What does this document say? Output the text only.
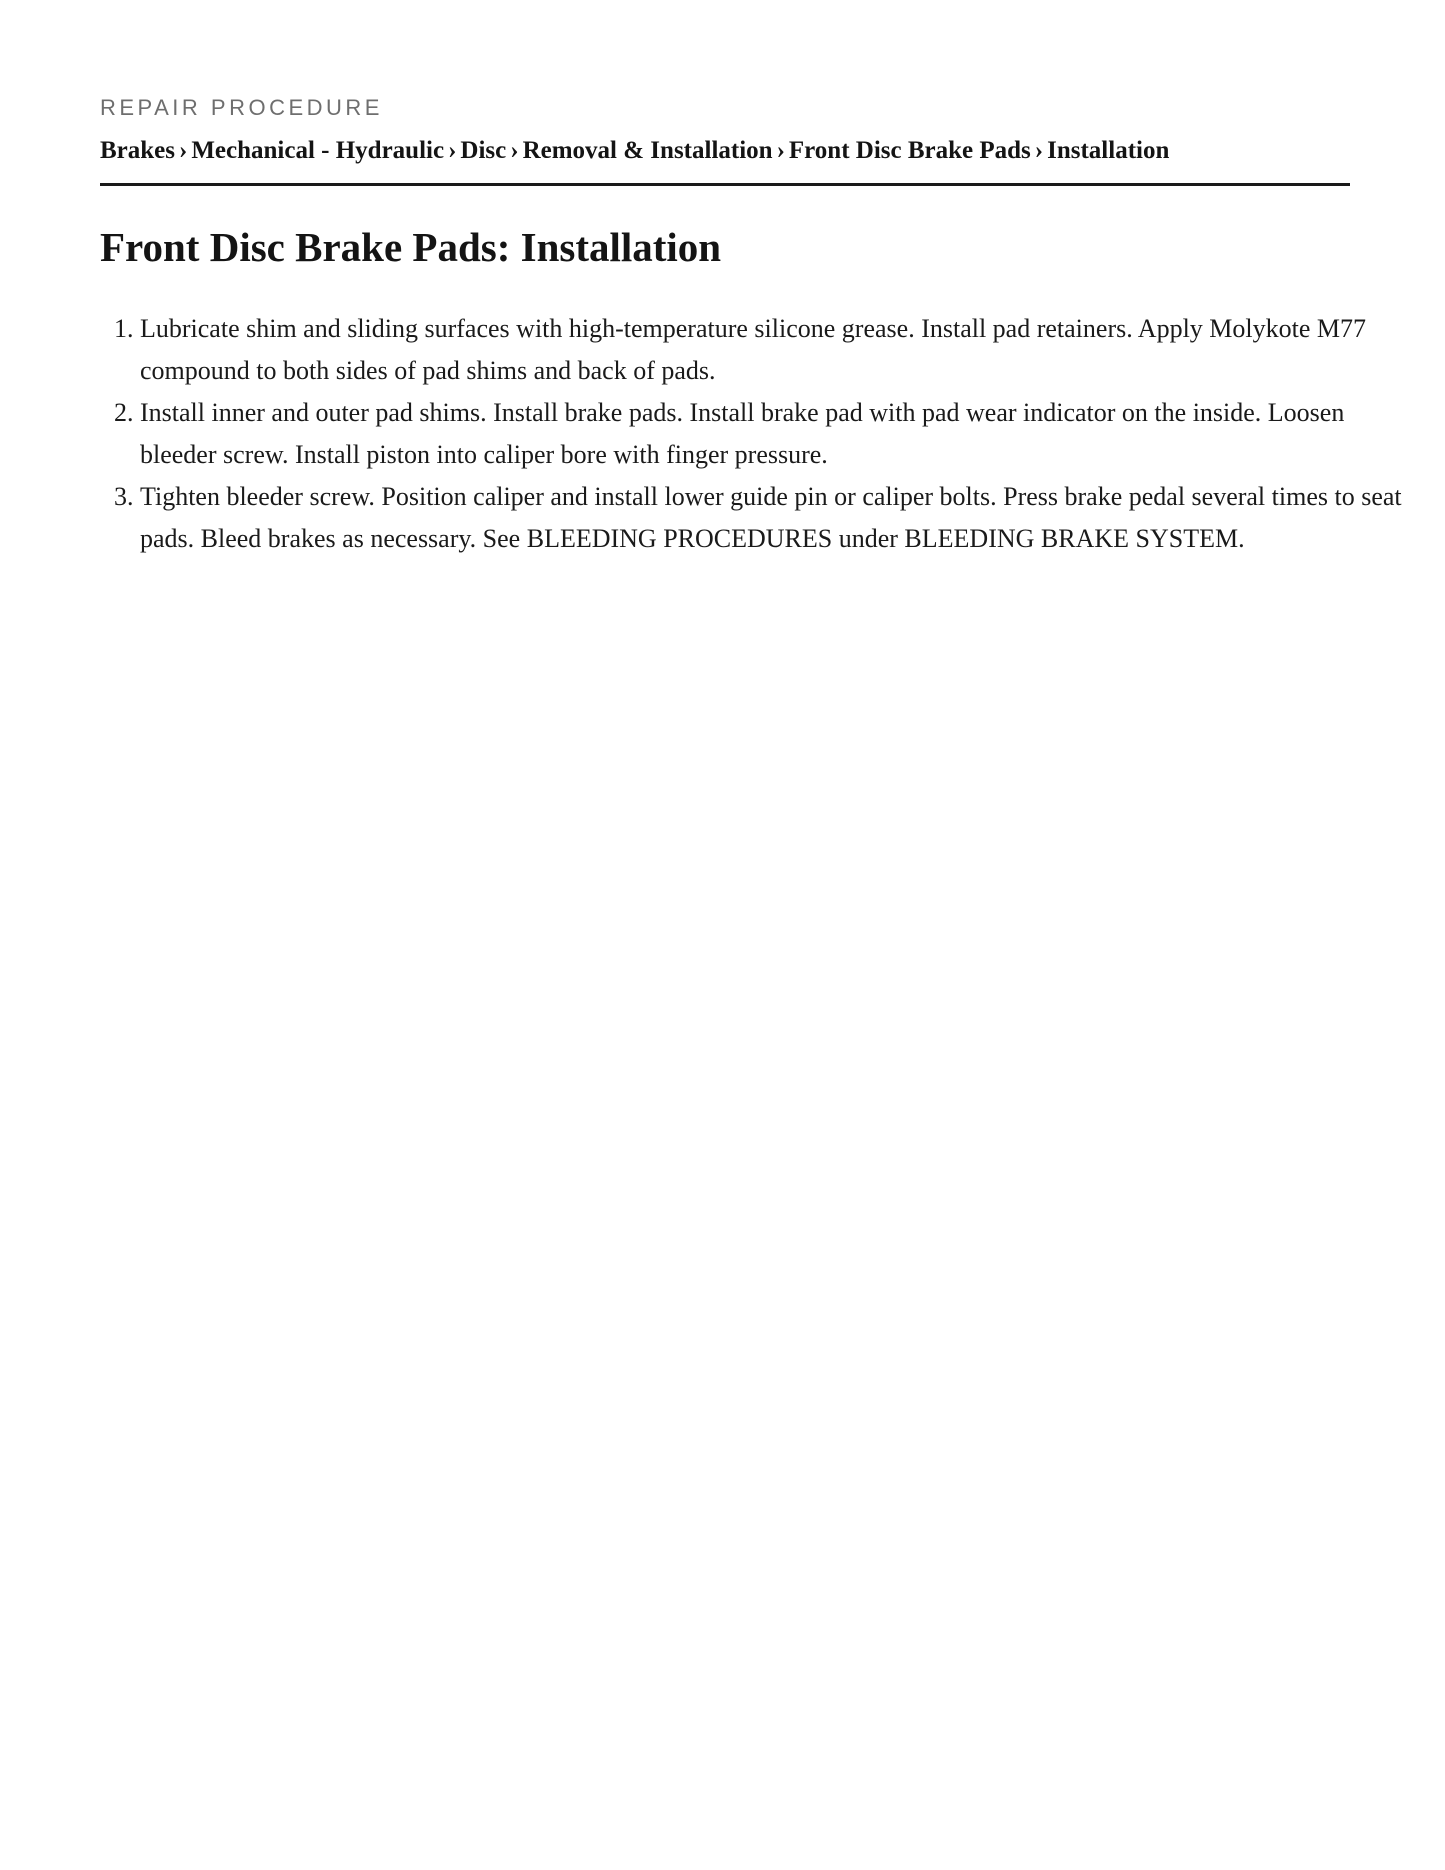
REPAIR PROCEDURE
Brakes › Mechanical - Hydraulic › Disc › Removal & Installation › Front Disc Brake Pads › Installation
Front Disc Brake Pads: Installation
1. Lubricate shim and sliding surfaces with high-temperature silicone grease. Install pad retainers. Apply Molykote M77 compound to both sides of pad shims and back of pads.
2. Install inner and outer pad shims. Install brake pads. Install brake pad with pad wear indicator on the inside. Loosen bleeder screw. Install piston into caliper bore with finger pressure.
3. Tighten bleeder screw. Position caliper and install lower guide pin or caliper bolts. Press brake pedal several times to seat pads. Bleed brakes as necessary. See BLEEDING PROCEDURES under BLEEDING BRAKE SYSTEM.
